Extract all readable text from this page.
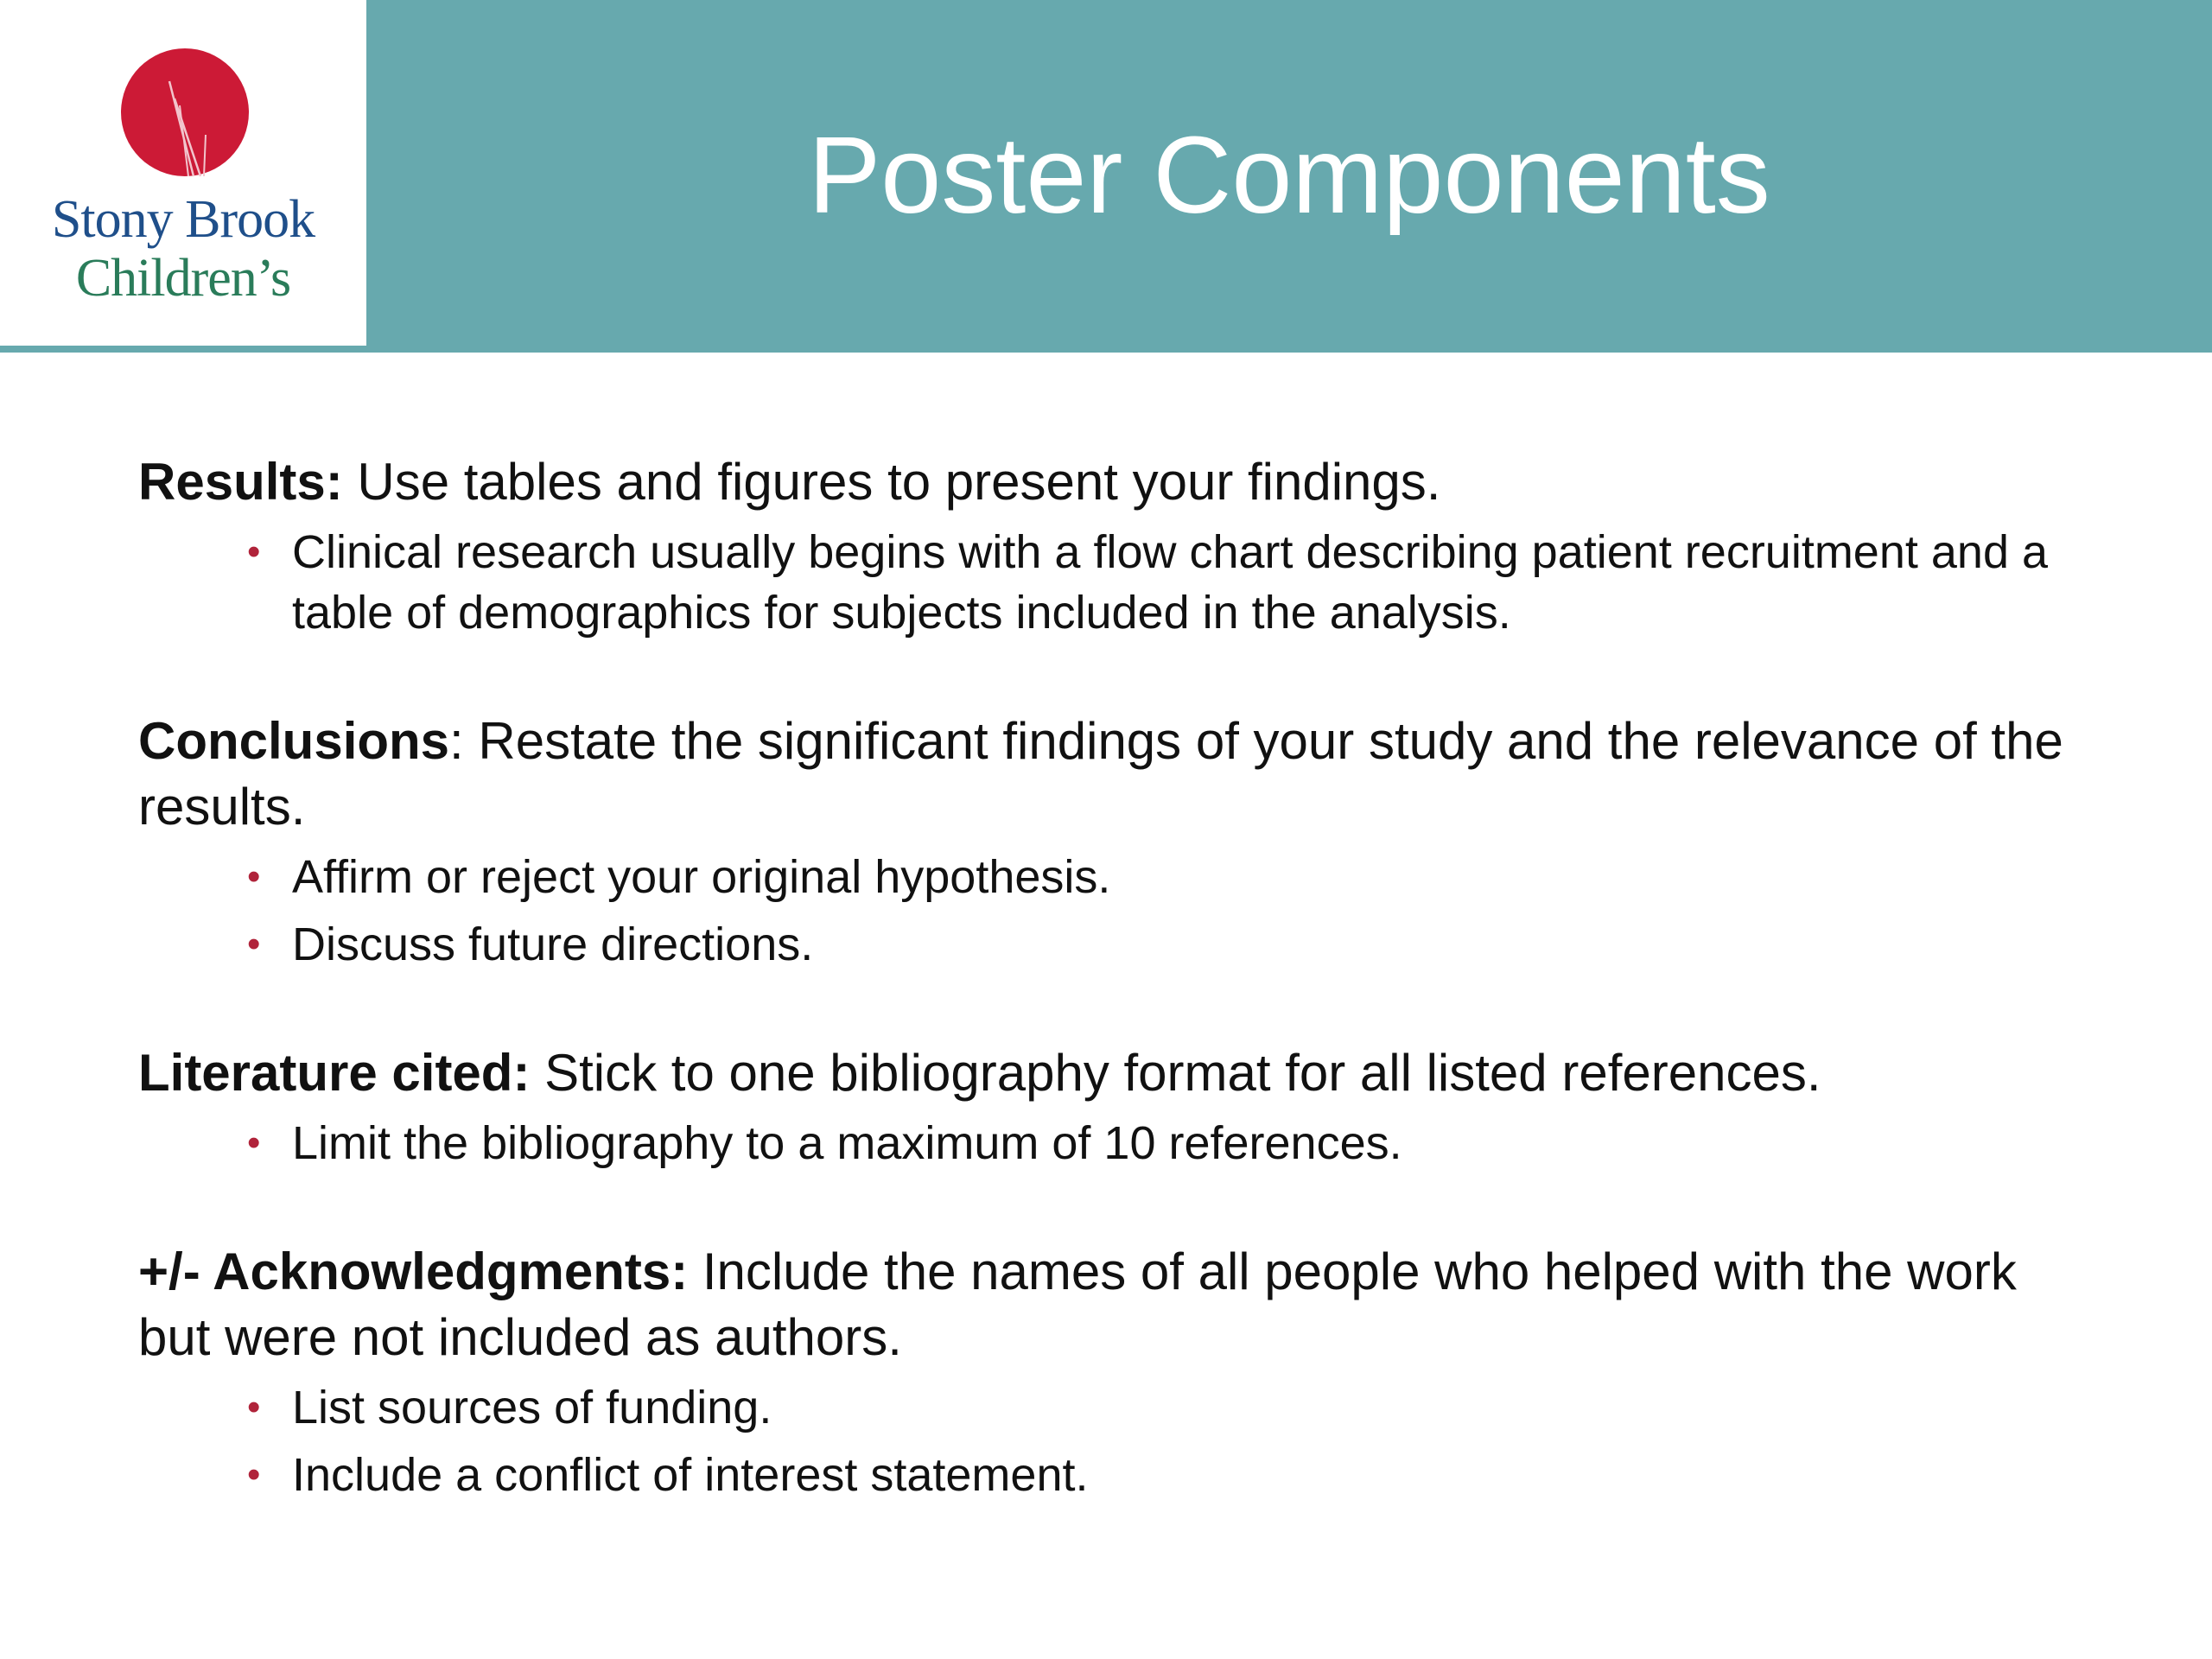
Stony Brook
Children’s
Poster Components

Results: Use tables and figures to present your findings.

• Clinical research usually begins with a flow chart describing patient recruitment and a table of demographics for subjects included in the analysis.

Conclusions: Restate the significant findings of your study and the relevance of the results.

• Affirm or reject your original hypothesis.
• Discuss future directions.

Literature cited: Stick to one bibliography format for all listed references.

• Limit the bibliography to a maximum of 10 references.

+/- Acknowledgments: Include the names of all people who helped with the work but were not included as authors.

• List sources of funding.
• Include a conflict of interest statement.
